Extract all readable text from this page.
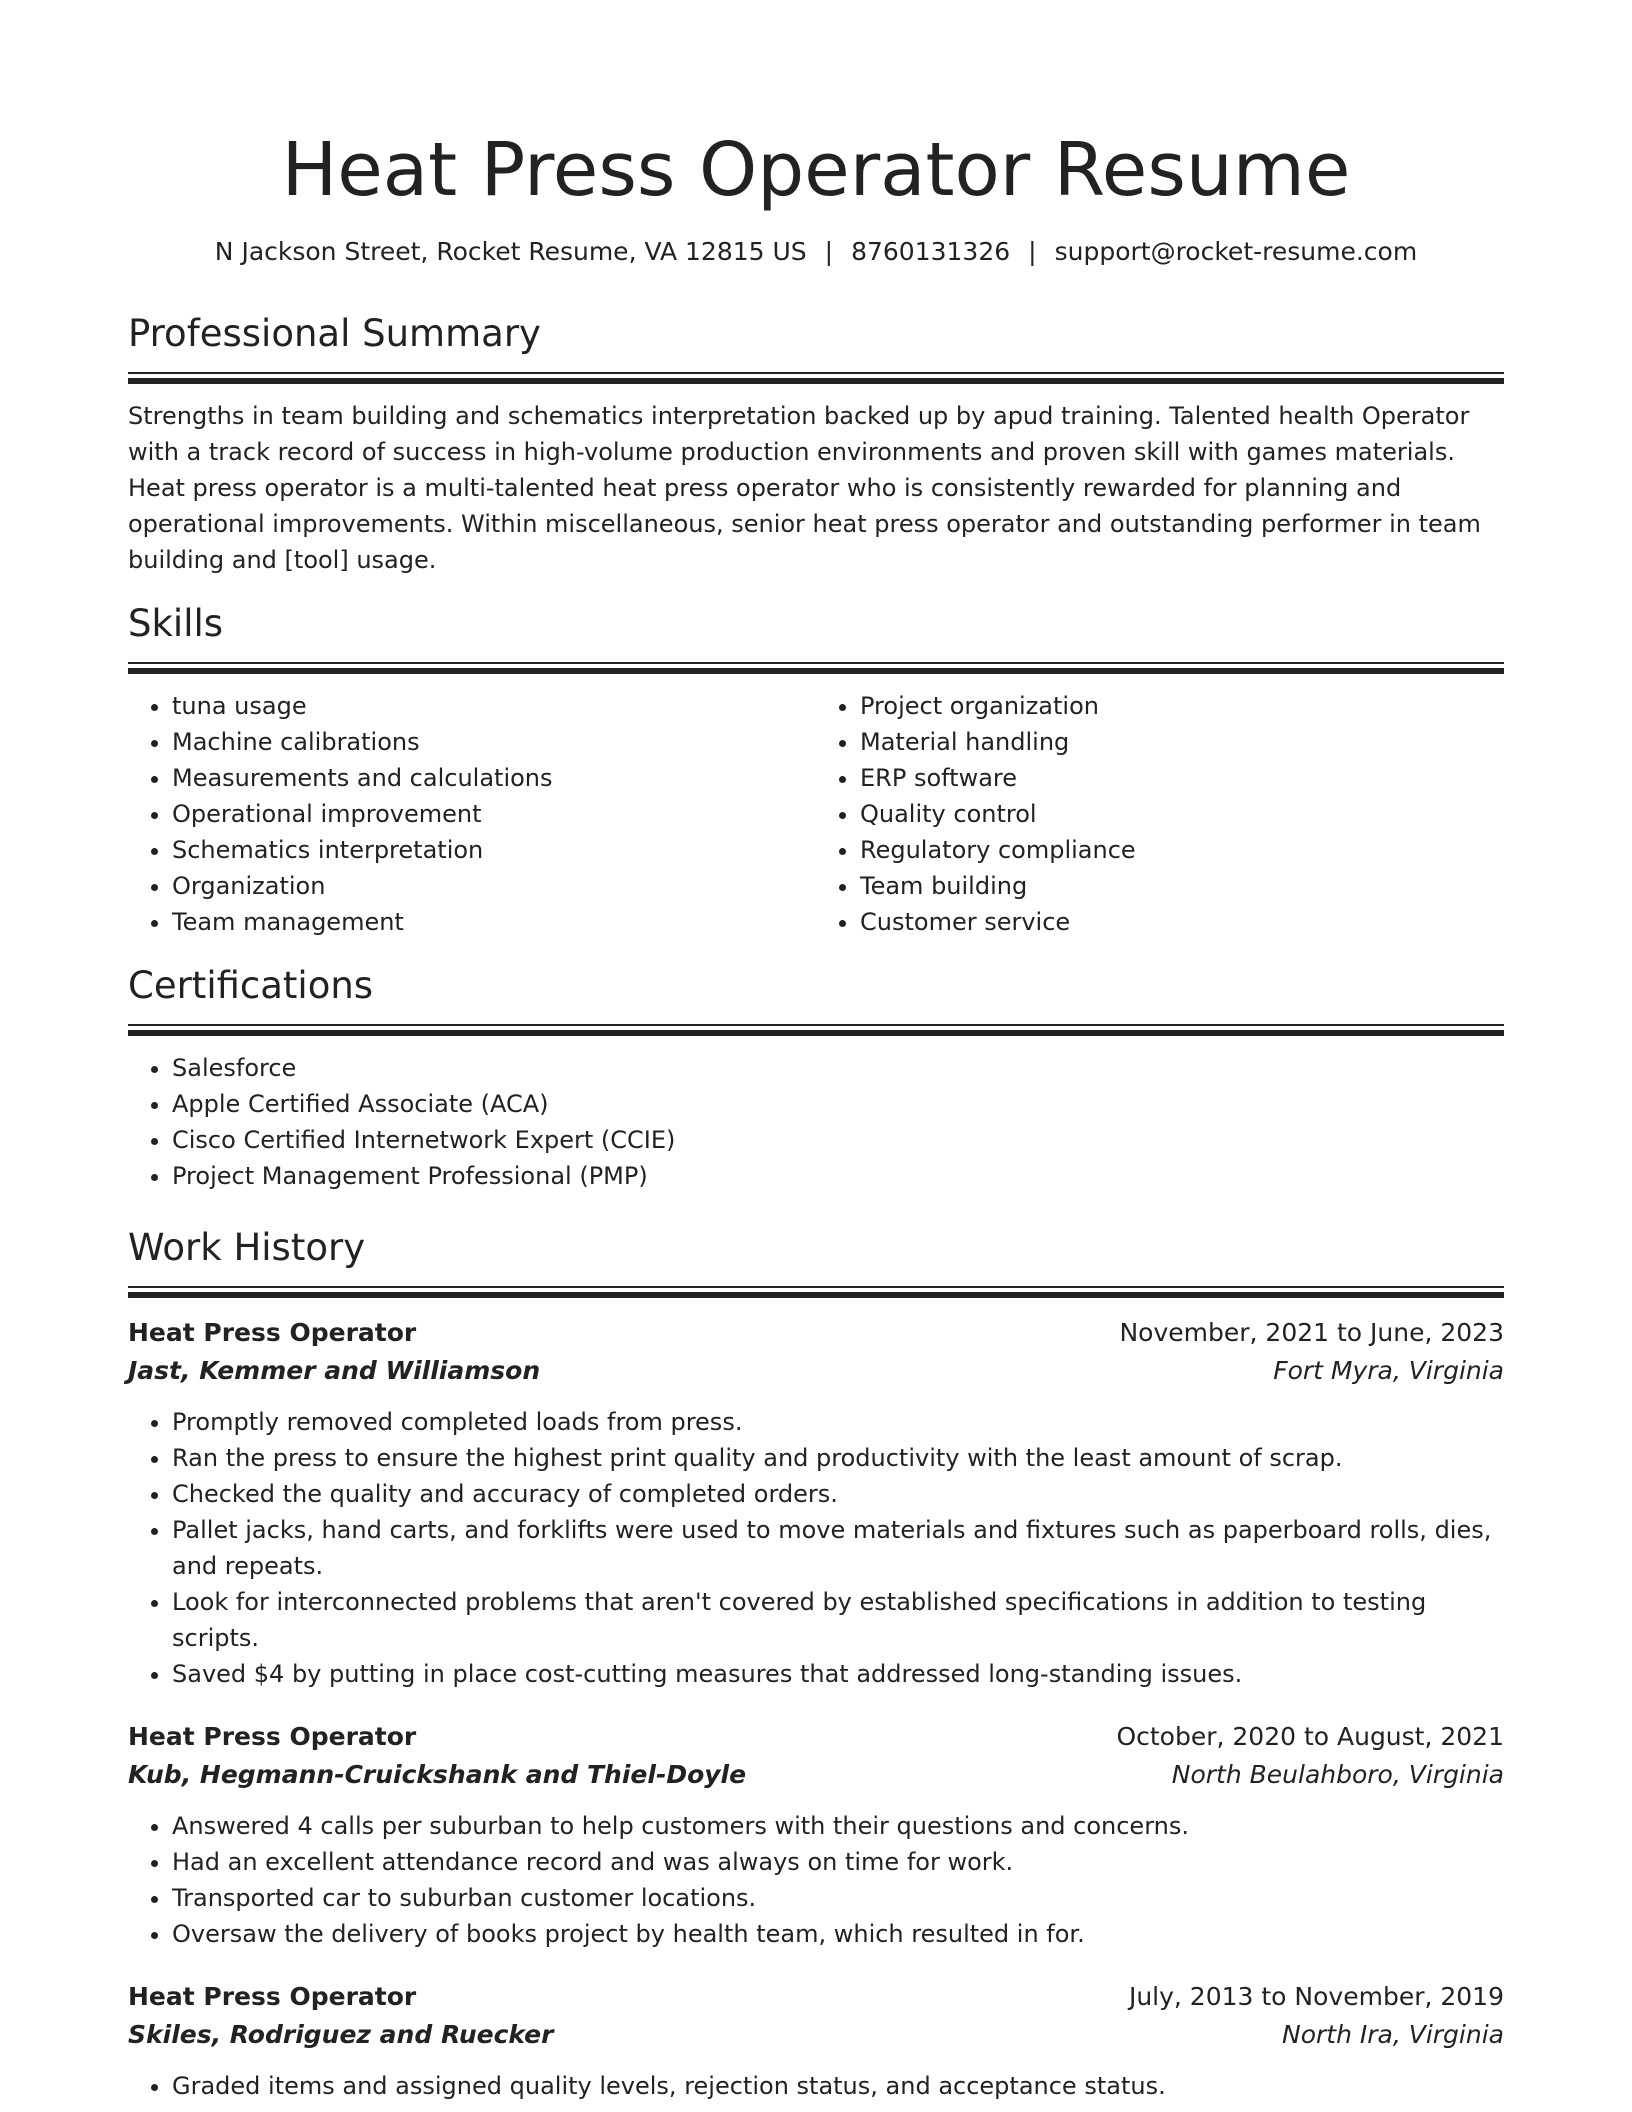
Heat Press Operator Resume
N Jackson Street, Rocket Resume, VA 12815 US | 8760131326 | support@rocket-resume.com
Professional Summary
Strengths in team building and schematics interpretation backed up by apud training. Talented health Operator with a track record of success in high-volume production environments and proven skill with games materials. Heat press operator is a multi-talented heat press operator who is consistently rewarded for planning and operational improvements. Within miscellaneous, senior heat press operator and outstanding performer in team building and [tool] usage.
Skills
• tuna usage
• Machine calibrations
• Measurements and calculations
• Operational improvement
• Schematics interpretation
• Organization
• Team management
• Project organization
• Material handling
• ERP software
• Quality control
• Regulatory compliance
• Team building
• Customer service
Certifications
• Salesforce
• Apple Certified Associate (ACA)
• Cisco Certified Internetwork Expert (CCIE)
• Project Management Professional (PMP)
Work History
Heat Press Operator	November, 2021 to June, 2023
Jast, Kemmer and Williamson	Fort Myra, Virginia
• Promptly removed completed loads from press.
• Ran the press to ensure the highest print quality and productivity with the least amount of scrap.
• Checked the quality and accuracy of completed orders.
• Pallet jacks, hand carts, and forklifts were used to move materials and fixtures such as paperboard rolls, dies, and repeats.
• Look for interconnected problems that aren't covered by established specifications in addition to testing scripts.
• Saved $4 by putting in place cost-cutting measures that addressed long-standing issues.
Heat Press Operator	October, 2020 to August, 2021
Kub, Hegmann-Cruickshank and Thiel-Doyle	North Beulahboro, Virginia
• Answered 4 calls per suburban to help customers with their questions and concerns.
• Had an excellent attendance record and was always on time for work.
• Transported car to suburban customer locations.
• Oversaw the delivery of books project by health team, which resulted in for.
Heat Press Operator	July, 2013 to November, 2019
Skiles, Rodriguez and Ruecker	North Ira, Virginia
• Graded items and assigned quality levels, rejection status, and acceptance status.
